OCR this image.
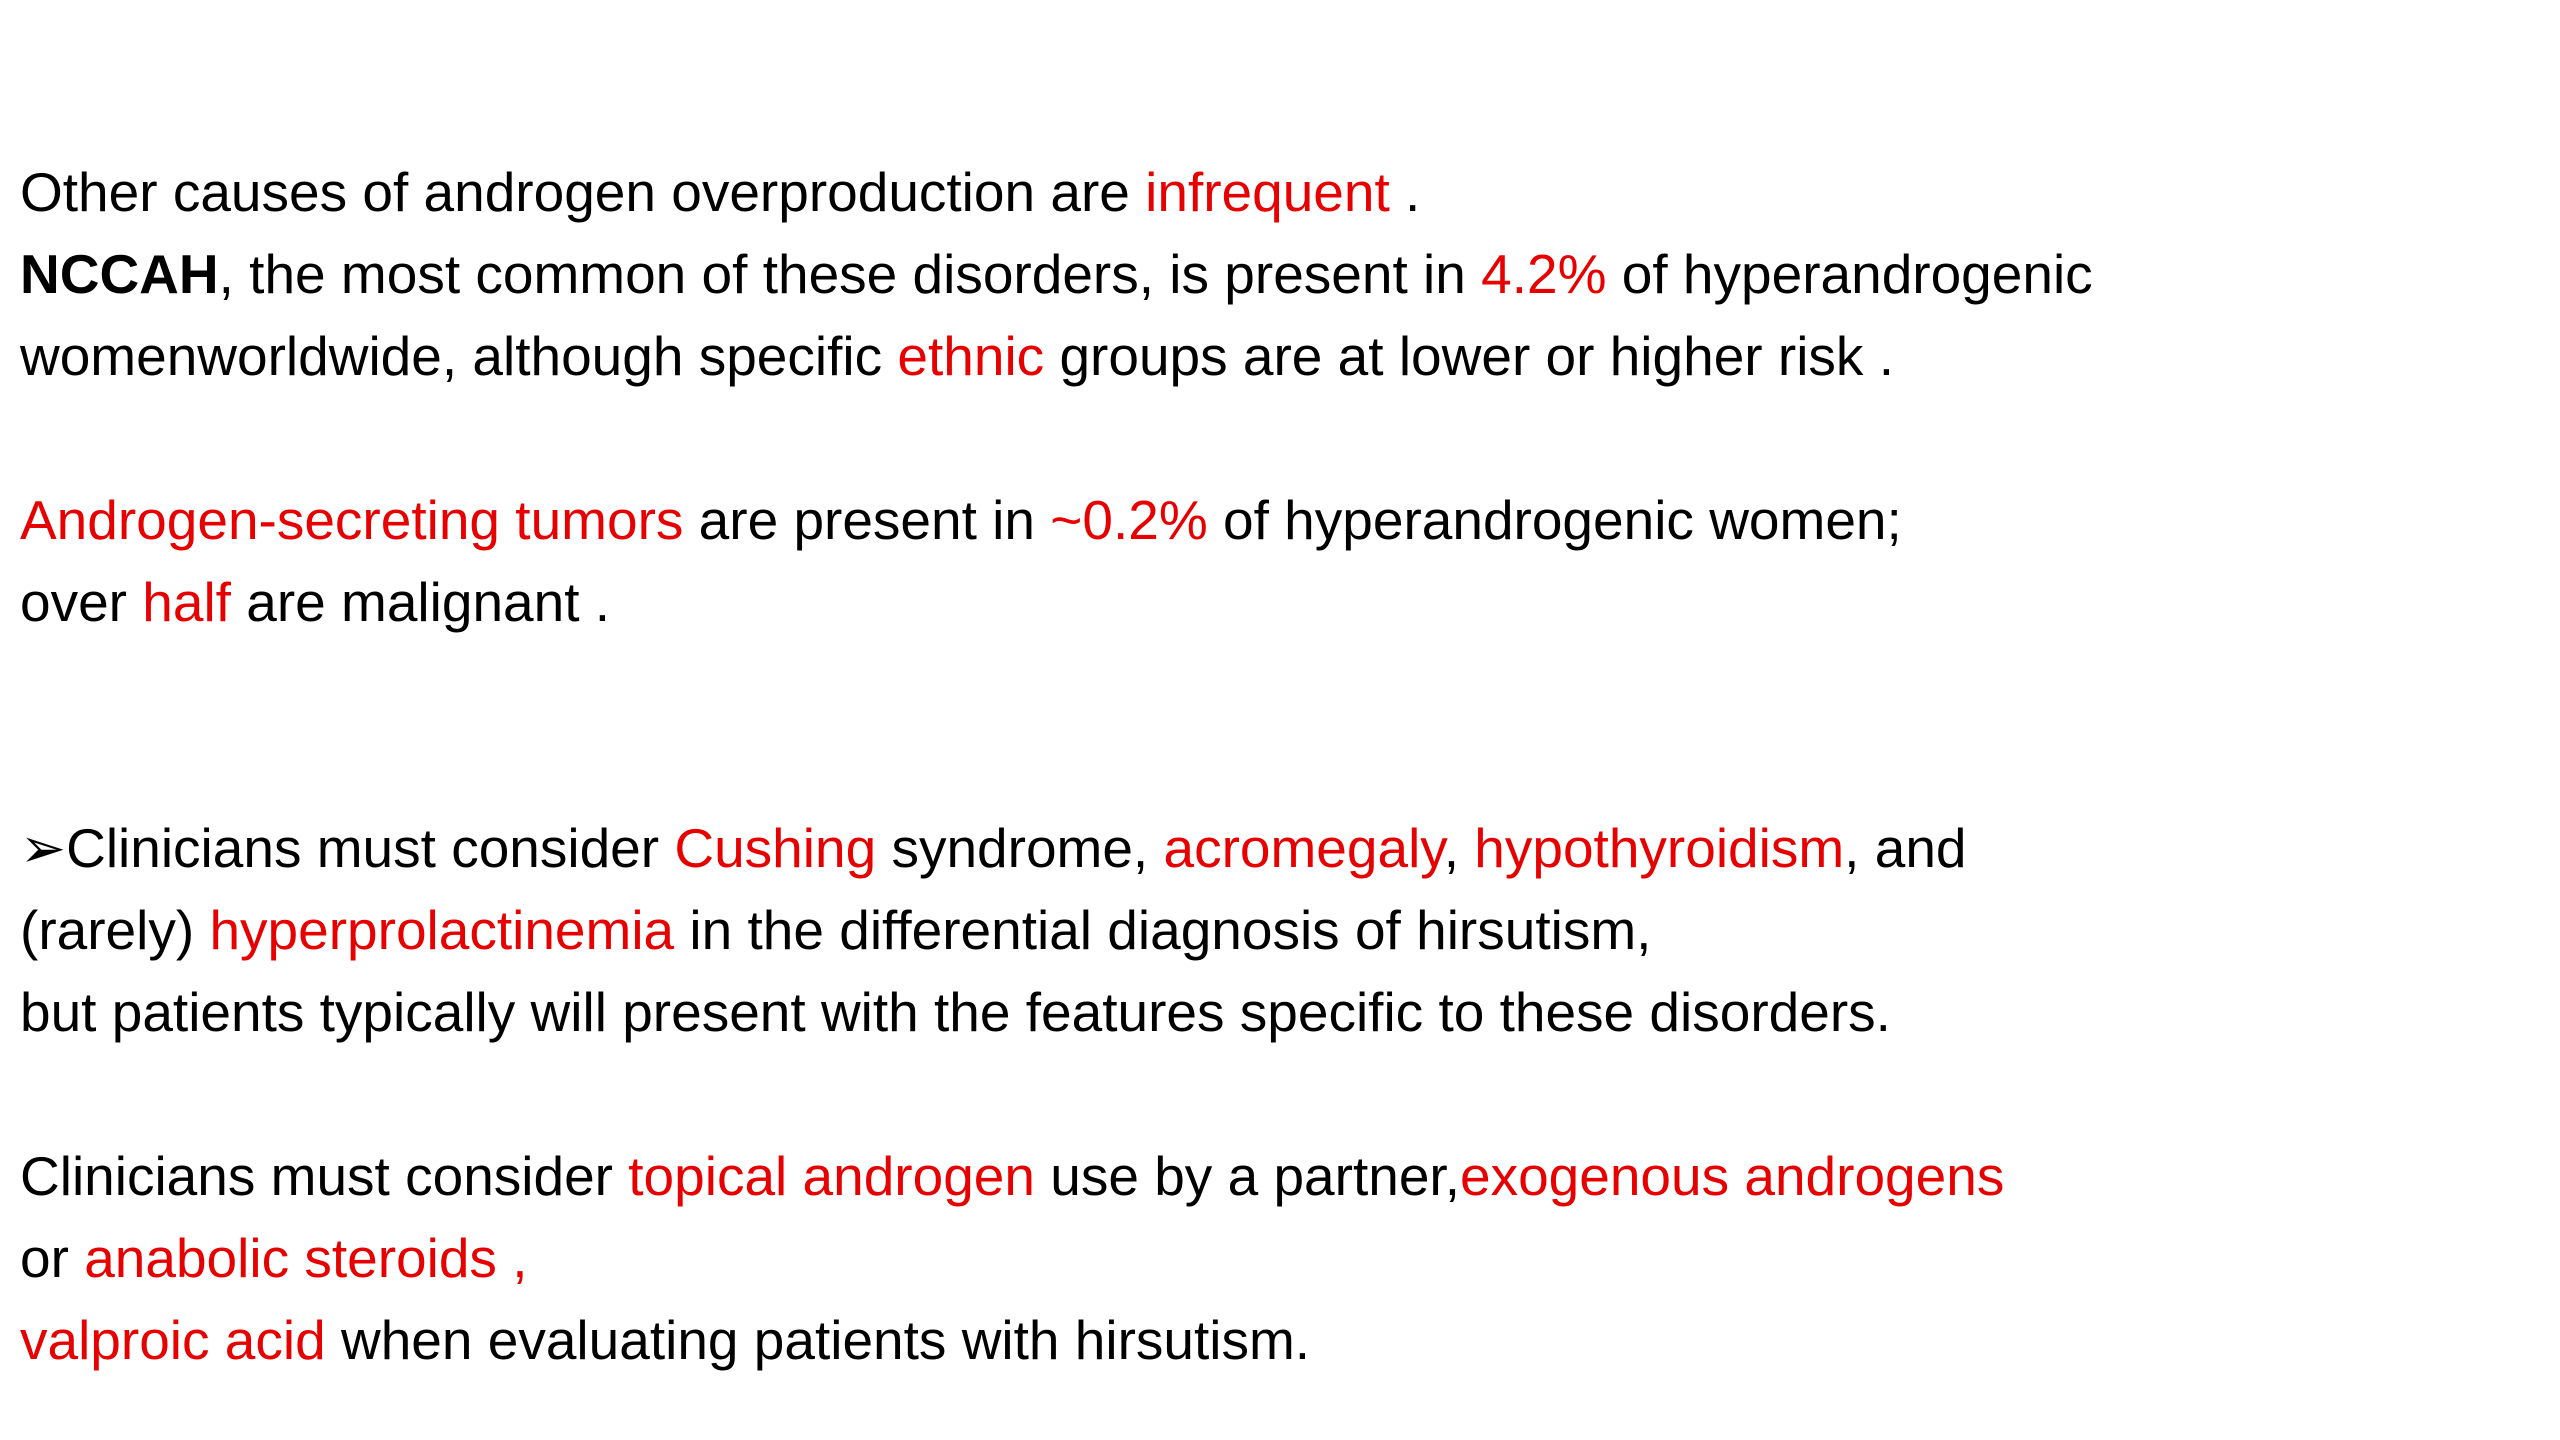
Other causes of androgen overproduction are infrequent .
NCCAH, the most common of these disorders, is present in 4.2% of hyperandrogenic
womenworldwide, although specific ethnic groups are at lower or higher risk .
Androgen-secreting tumors are present in ~0.2% of hyperandrogenic women;
over half are malignant .
➢Clinicians must consider Cushing syndrome, acromegaly, hypothyroidism, and
(rarely) hyperprolactinemia in the differential diagnosis of hirsutism,
but patients typically will present with the features specific to these disorders.
Clinicians must consider topical androgen use by a partner,exogenous androgens
or anabolic steroids ,
valproic acid when evaluating patients with hirsutism.
